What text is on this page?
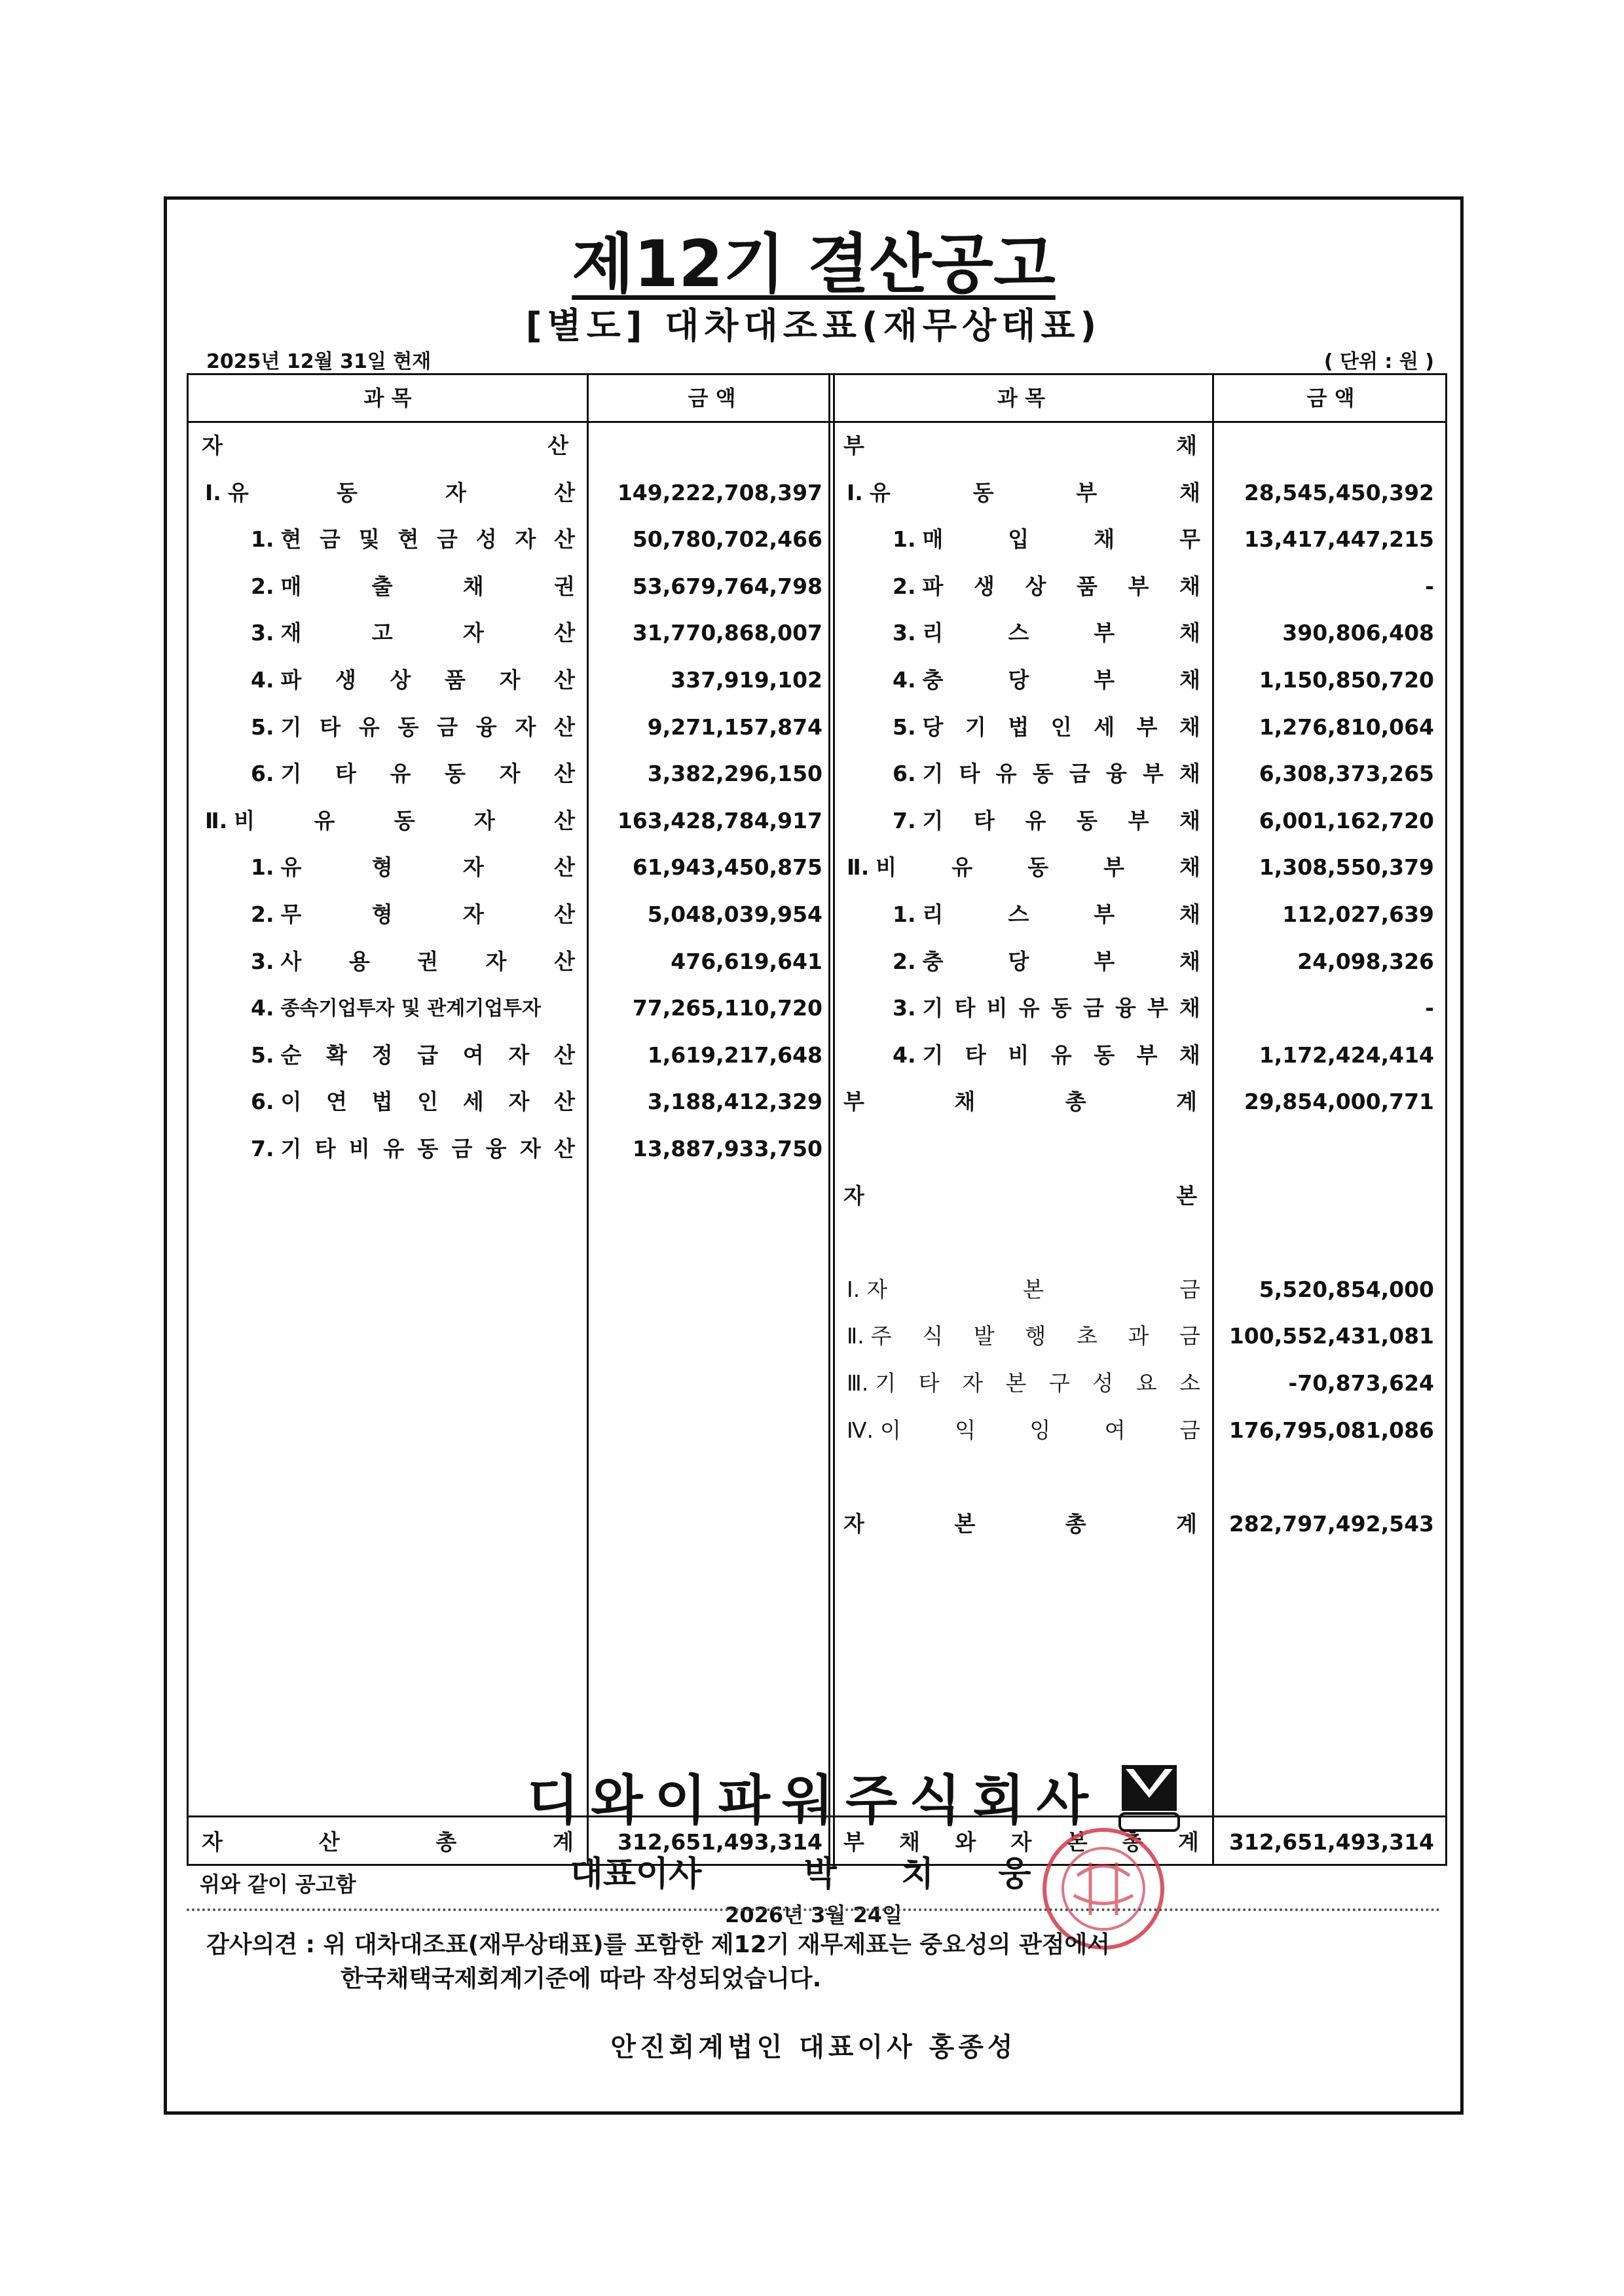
제12기 결산공고
[별도] 대차대조표(재무상태표)
2025년 12월 31일 현재	( 단위 : 원 )
과 목	금 액
자	산
Ⅰ. 유	동	자	산	149,222,708,397
1. 현 금 및 현 금 성 자 산	50,780,702,466
2. 매	출	채	권	53,679,764,798
3. 재	고	자	산	31,770,868,007
4. 파 생 상 품 자 산	337,919,102
5. 기 타 유 동 금 융 자 산	9,271,157,874
6. 기 타 유 동 자 산	3,382,296,150
Ⅱ. 비	유	동	자	산	163,428,784,917
1. 유	형	자	산	61,943,450,875
2. 무	형	자	산	5,048,039,954
3. 사 용 권 자 산	476,619,641
4. 종속기업투자 및 관계기업투자	77,265,110,720
5. 순 확 정 급 여 자 산	1,619,217,648
6. 이 연 법 인 세 자 산	3,188,412,329
7. 기 타 비 유 동 금 융 자 산	13,887,933,750
자	산	총	계	312,651,493,314
과 목	금 액
부	채
Ⅰ. 유	동	부	채	28,545,450,392
1. 매	입	채	무	13,417,447,215
2. 파 생 상 품 부 채	-
3. 리	스	부	채	390,806,408
4. 충	당	부	채	1,150,850,720
5. 당 기 법 인 세 부 채	1,276,810,064
6. 기 타 유 동 금 융 부 채	6,308,373,265
7. 기 타 유 동 부 채	6,001,162,720
Ⅱ. 비	유	동	부	채	1,308,550,379
1. 리	스	부	채	112,027,639
2. 충	당	부	채	24,098,326
3. 기 타 비 유 동 금 융 부 채	-
4. 기 타 비 유 동 부 채	1,172,424,414
부	채	총	계	29,854,000,771
자	본
Ⅰ. 자	본	금	5,520,854,000
Ⅱ. 주 식 발 행 초 과 금	100,552,431,081
Ⅲ. 기 타 자 본 구 성 요 소	-70,873,624
Ⅳ. 이 익 잉 여 금	176,795,081,086
자	본	총	계	282,797,492,543
부 채 와 자 본 총 계	312,651,493,314
위와 같이 공고함
2026년 3월 24일
디와이파워주식회사
대표이사	박 치 웅
감사의견 : 위 대차대조표(재무상태표)를 포함한 제12기 재무제표는 중요성의 관점에서
한국채택국제회계기준에 따라 작성되었습니다.
안진회계법인 대표이사 홍종성
